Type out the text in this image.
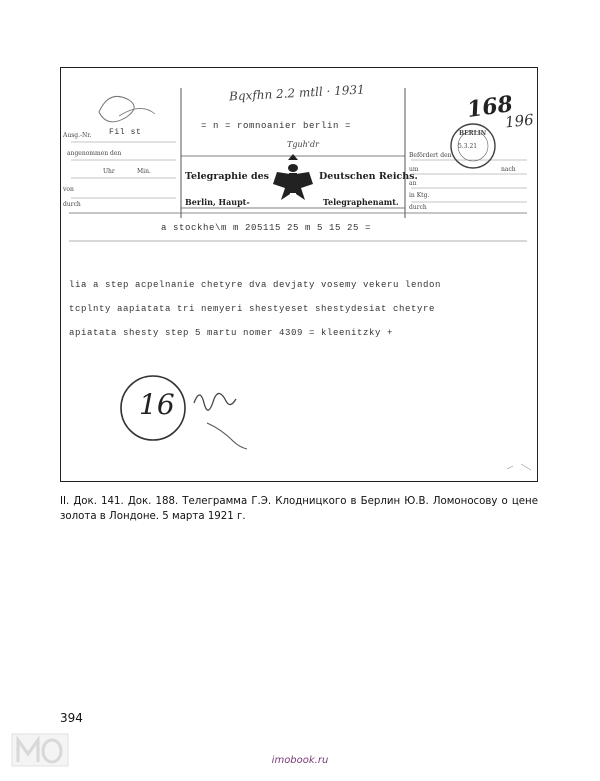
Bqxfhn 2.2 mtll · 1931
Tguh'dr
168
196
16
= n = romnoanier berlin =
Fil st
Ausg.-Nr.
angenommen den
Uhr	Min.
von
durch
Befördert den
um	nach
an
in Ktg.
durch
Telegraphie des	Deutschen Reichs.
Berlin, Haupt-	Telegraphenamt.
BERLIN
5.3.21
a stockhe\m m 205115 25 m 5 15 25 =
lia a step acpelnanie chetyre dva devjaty vosemy vekeru lendon
tcplnty aapiatata tri nemyeri shestyeset shestydesiat chetyre
apiatata shesty step 5 martu nomer 4309 = kleenitzky +
II. Док. 141. Док. 188. Телеграмма Г.Э. Клодницкого в Берлин Ю.В. Ломоносову о цене золота в Лондоне. 5 марта 1921 г.
394
imobook.ru
